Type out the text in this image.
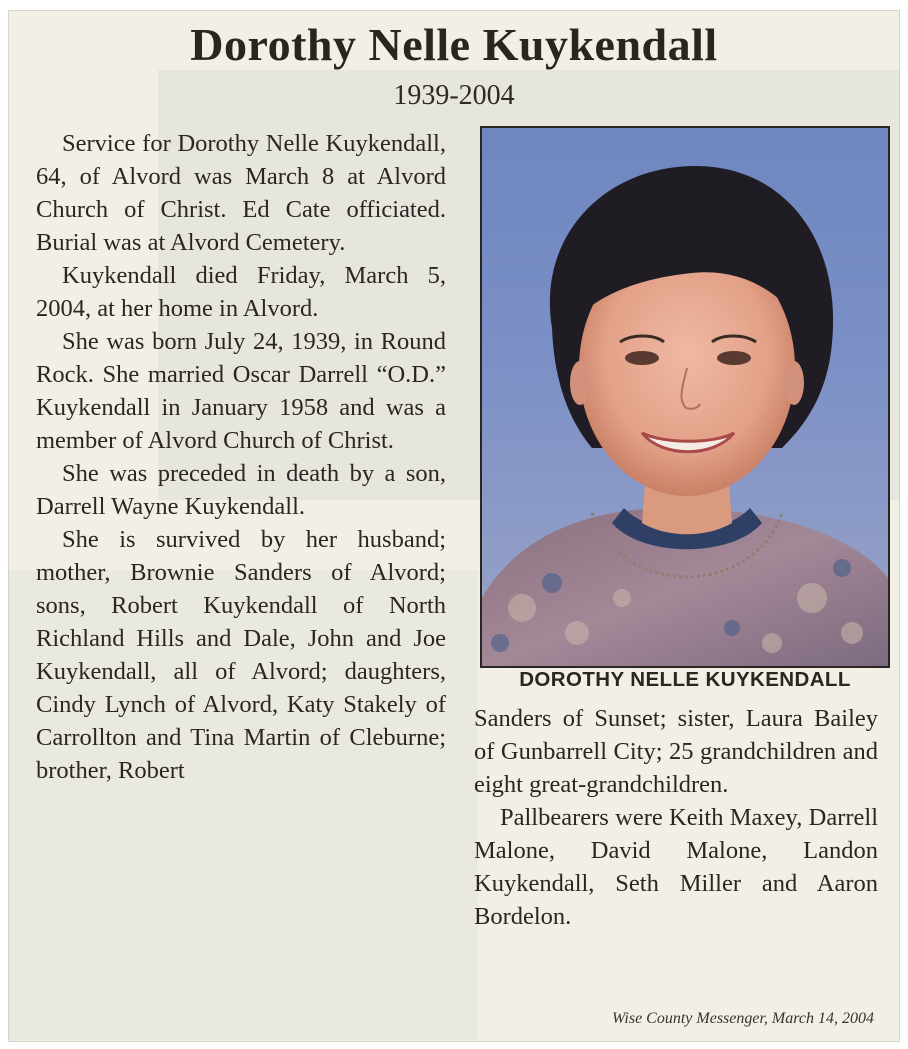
Dorothy Nelle Kuykendall
1939-2004

Service for Dorothy Nelle Kuykendall, 64, of Alvord was March 8 at Alvord Church of Christ. Ed Cate officiated. Burial was at Alvord Cemetery.

Kuykendall died Friday, March 5, 2004, at her home in Alvord.

She was born July 24, 1939, in Round Rock. She married Oscar Darrell “O.D.” Kuykendall in January 1958 and was a member of Alvord Church of Christ.

She was preceded in death by a son, Darrell Wayne Kuykendall.

She is survived by her husband; mother, Brownie Sanders of Alvord; sons, Robert Kuykendall of North Richland Hills and Dale, John and Joe Kuykendall, all of Alvord; daughters, Cindy Lynch of Alvord, Katy Stakely of Carrollton and Tina Martin of Cleburne; brother, Robert

DOROTHY NELLE KUYKENDALL

Sanders of Sunset; sister, Laura Bailey of Gunbarrell City; 25 grandchildren and eight great-grandchildren.

Pallbearers were Keith Maxey, Darrell Malone, David Malone, Landon Kuykendall, Seth Miller and Aaron Bordelon.

Wise County Messenger, March 14, 2004
